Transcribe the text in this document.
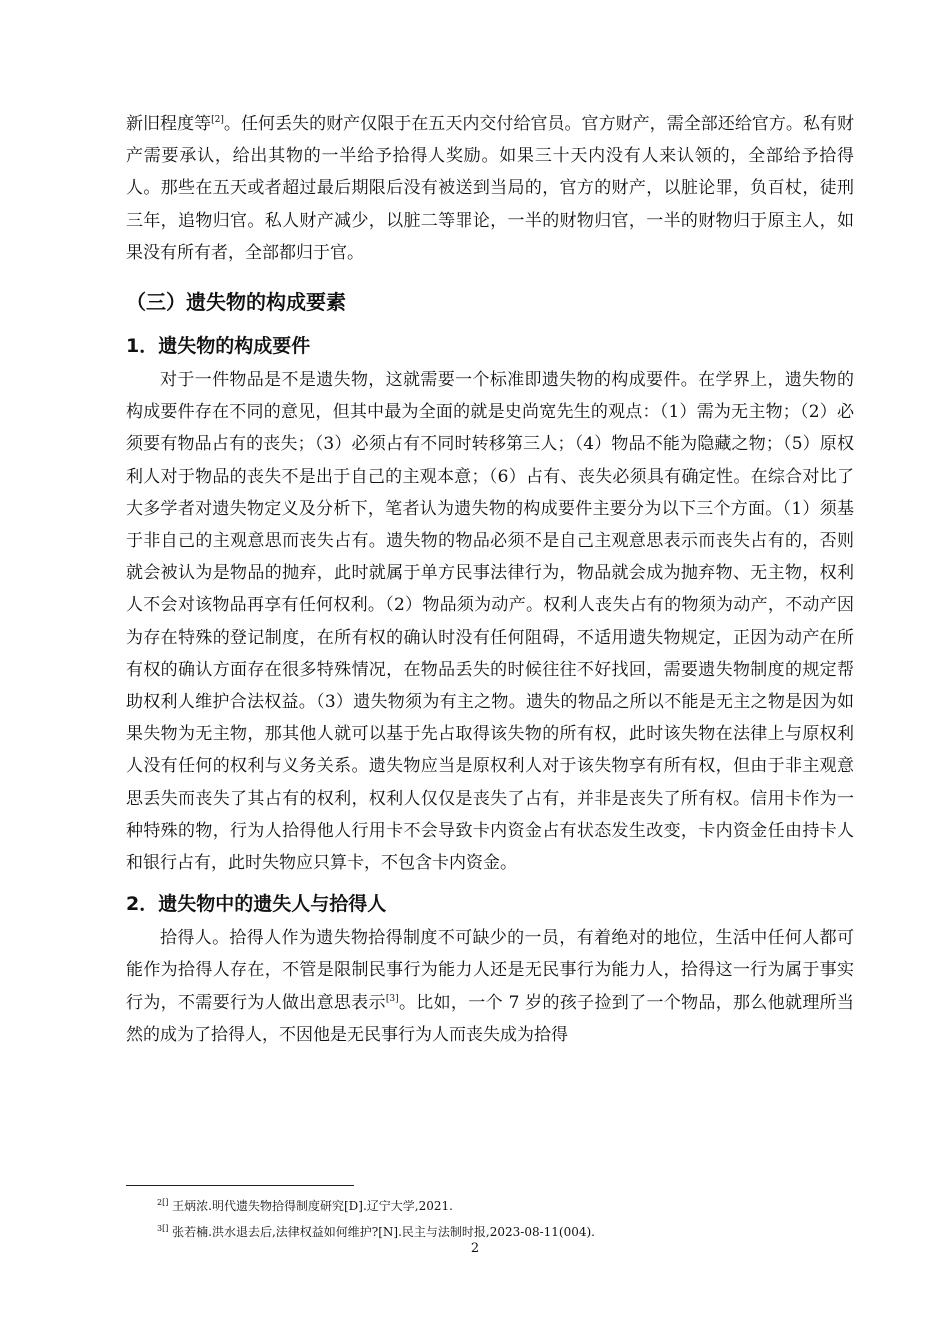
新旧程度等[2]。任何丢失的财产仅限于在五天内交付给官员。官方财产，需全部还给官方。私有财产需要承认，给出其物的一半给予拾得人奖励。如果三十天内没有人来认领的，全部给予拾得人。那些在五天或者超过最后期限后没有被送到当局的，官方的财产，以脏论罪，负百杖，徒刑三年，追物归官。私人财产减少，以脏二等罪论，一半的财物归官，一半的财物归于原主人，如果没有所有者，全部都归于官。

（三）遗失物的构成要素
1．遗失物的构成要件

对于一件物品是不是遗失物，这就需要一个标准即遗失物的构成要件。在学界上，遗失物的构成要件存在不同的意见，但其中最为全面的就是史尚宽先生的观点：（1）需为无主物；（2）必须要有物品占有的丧失；（3）必须占有不同时转移第三人；（4）物品不能为隐藏之物；（5）原权利人对于物品的丧失不是出于自己的主观本意；（6）占有、丧失必须具有确定性。在综合对比了大多学者对遗失物定义及分析下，笔者认为遗失物的构成要件主要分为以下三个方面。（1）须基于非自己的主观意思而丧失占有。遗失物的物品必须不是自己主观意思表示而丧失占有的，否则就会被认为是物品的抛弃，此时就属于单方民事法律行为，物品就会成为抛弃物、无主物，权利人不会对该物品再享有任何权利。（2）物品须为动产。权利人丧失占有的物须为动产，不动产因为存在特殊的登记制度，在所有权的确认时没有任何阻碍，不适用遗失物规定，正因为动产在所有权的确认方面存在很多特殊情况，在物品丢失的时候往往不好找回，需要遗失物制度的规定帮助权利人维护合法权益。（3）遗失物须为有主之物。遗失的物品之所以不能是无主之物是因为如果失物为无主物，那其他人就可以基于先占取得该失物的所有权，此时该失物在法律上与原权利人没有任何的权利与义务关系。遗失物应当是原权利人对于该失物享有所有权，但由于非主观意思丢失而丧失了其占有的权利，权利人仅仅是丧失了占有，并非是丧失了所有权。信用卡作为一种特殊的物，行为人拾得他人行用卡不会导致卡内资金占有状态发生改变，卡内资金任由持卡人和银行占有，此时失物应只算卡，不包含卡内资金。

2．遗失物中的遗失人与拾得人

拾得人。拾得人作为遗失物拾得制度不可缺少的一员，有着绝对的地位，生活中任何人都可能作为拾得人存在，不管是限制民事行为能力人还是无民事行为能力人，拾得这一行为属于事实行为，不需要行为人做出意思表示[3]。比如，一个 7 岁的孩子捡到了一个物品，那么他就理所当然的成为了拾得人，不因他是无民事行为人而丧失成为拾得

$^{2[]}$ 王炳浓.明代遗失物拾得制度研究[D].辽宁大学,2021.
$^{3[]}$ 张若楠.洪水退去后,法律权益如何维护?[N].民主与法制时报,2023-08-11(004).
2
